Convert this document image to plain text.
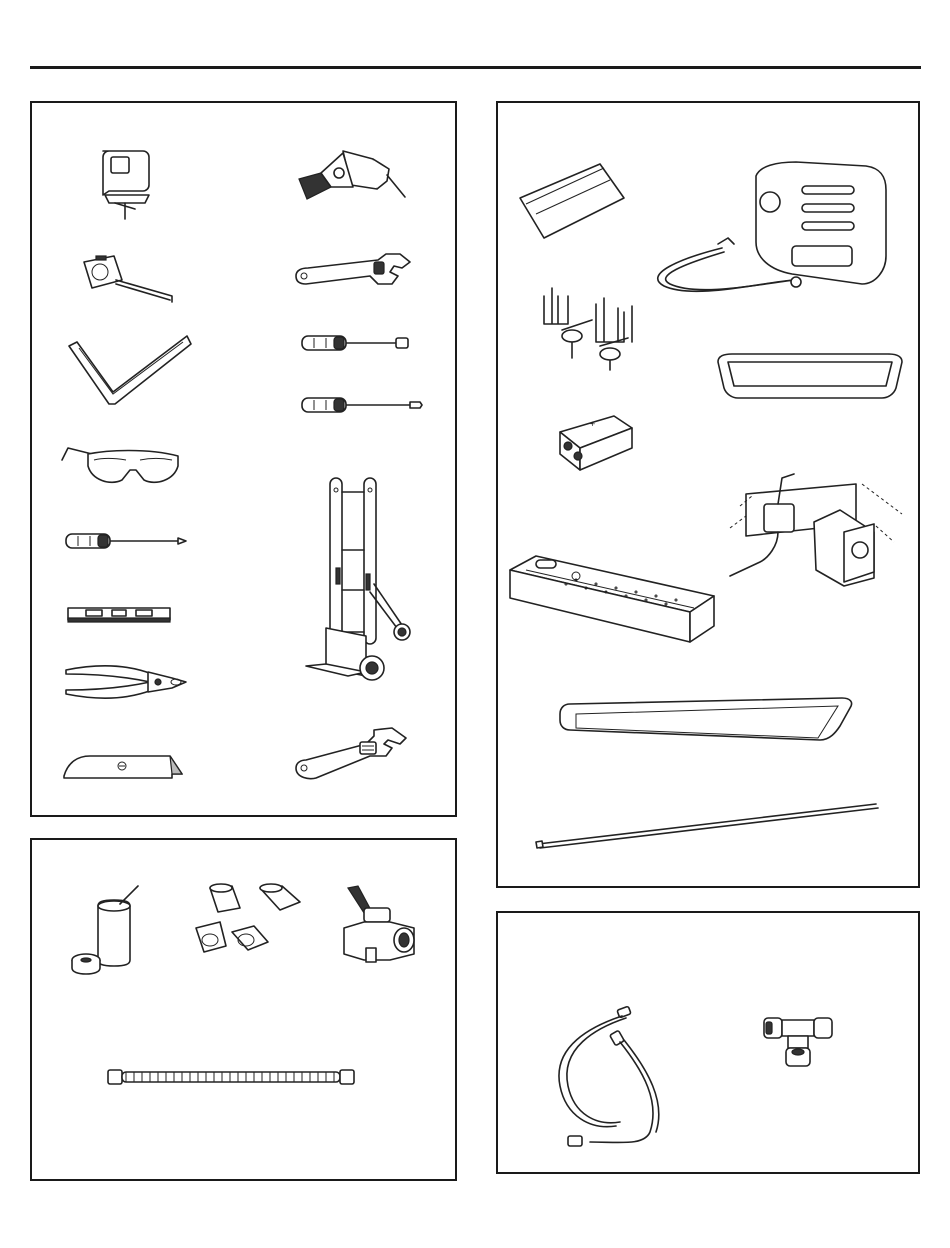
+
